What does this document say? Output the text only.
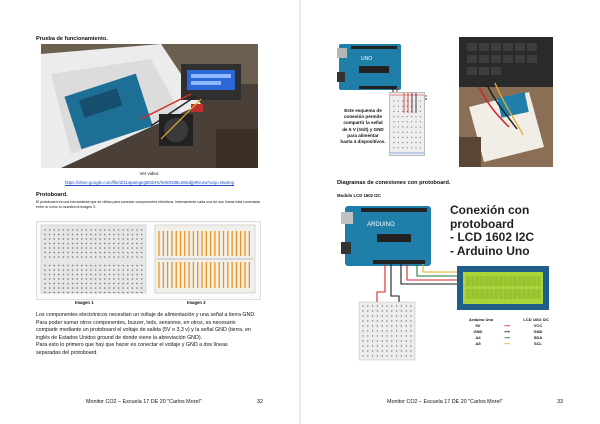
Prueba de funcionamiento.
Ver video:
https://drive.google.com/file/d/11spamgeg5NDHVfe8ON89L68lxdjj8Rv.ew?usp=sharing
Protoboard.
El protoboard es una herramienta que se utiliza para conectar componentes eléctricos. Internamente cada una de sus líneas está conectada entre sí como lo muestra la imagen 2:
Imagen 1	Imagen 2
Los componentes electrónicos necesitan un voltaje de alimentación y una señal a tierra GND.
Para poder sumar otros componentes, buzzer, leds, sensores, en otros, es necesario
compartir mediante un protoboard el voltaje de salida (5V o 3,3 v) y la señal GND (tierra, en
inglés de Estados Unidos ground de donde viene la abreviación GND).
Para esto lo primero que hay que hacer es conectar el voltaje y GND a dos líneas
separadas del protoboard.
Monitor CO2 – Escuela 17 DE 20 "Carlos Morel"	32
UNO
Este esquema de
conexión permite
compartir la señal
de 5 V (Volt) y GND
para alimentar
hasta 4 dispositivos.
Diagramas de conexiones con protoboard.
Modulo LCD 1602 I2C
ARDUINO
Conexión con
protoboard
- LCD 1602 I2C
- Arduino Uno
Arduino Uno	LCD 1602 I2C
5V	⟶	VCC
GND	⟶	GND
A4	⟶	SDA
A5	⟶	SCL
Monitor CO2 – Escuela 17 DE 20 "Carlos Morel"	33
